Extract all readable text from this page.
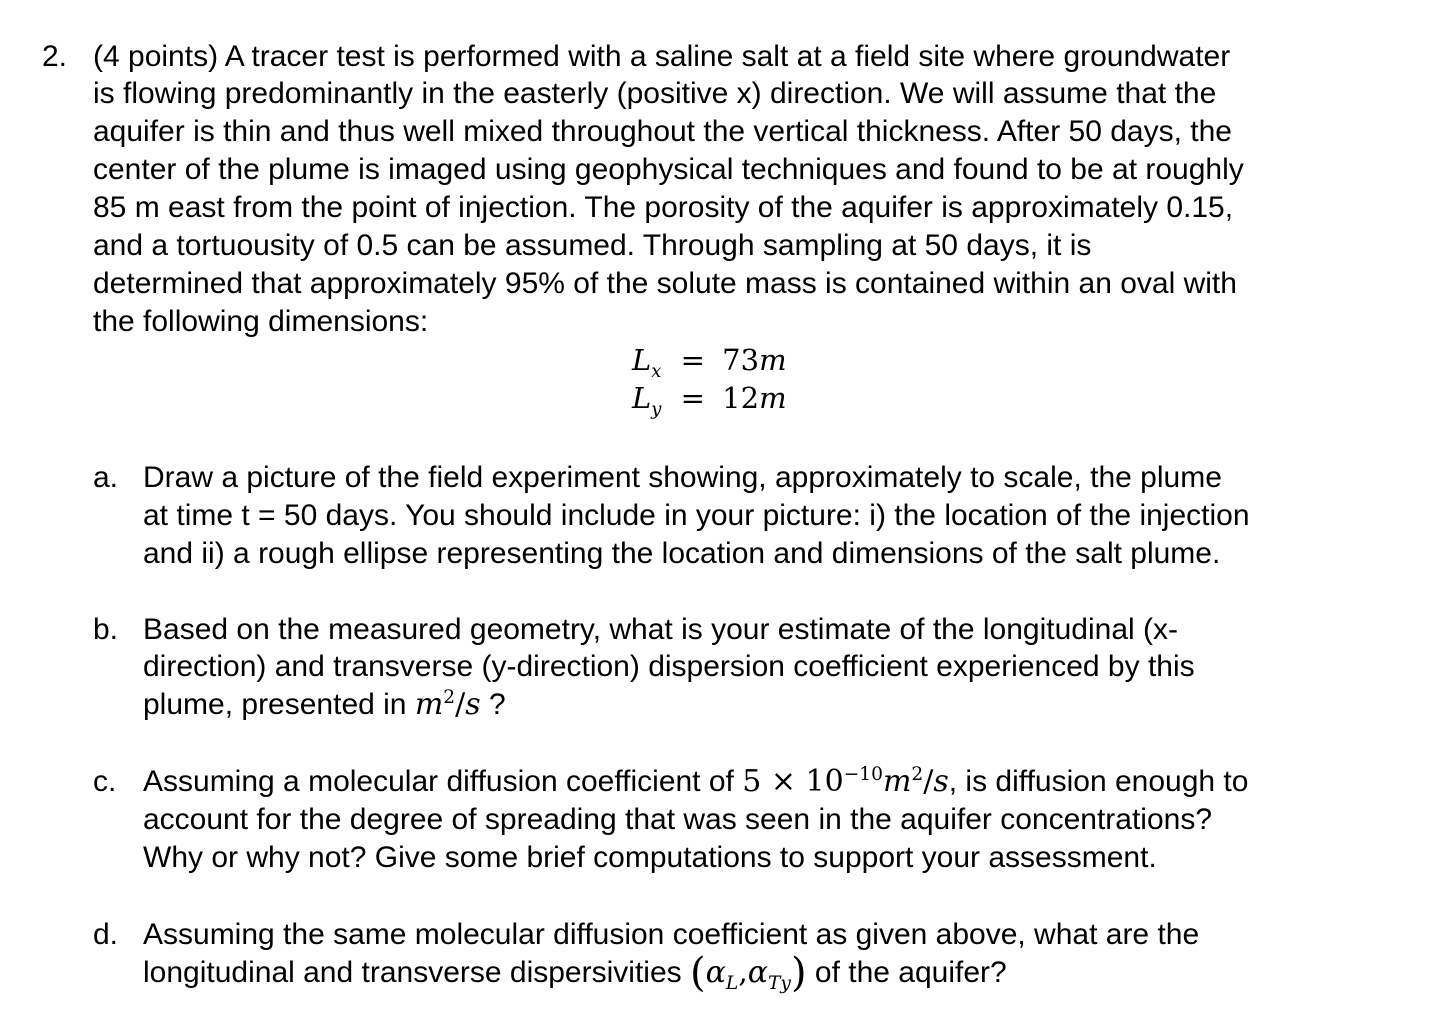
2. (4 points) A tracer test is performed with a saline salt at a field site where groundwater
is flowing predominantly in the easterly (positive x) direction. We will assume that the
aquifer is thin and thus well mixed throughout the vertical thickness. After 50 days, the
center of the plume is imaged using geophysical techniques and found to be at roughly
85 m east from the point of injection. The porosity of the aquifer is approximately 0.15,
and a tortuousity of 0.5 can be assumed. Through sampling at 50 days, it is
determined that approximately 95% of the solute mass is contained within an oval with
the following dimensions:
$L_x = 73m$
$L_y = 12m$
a. Draw a picture of the field experiment showing, approximately to scale, the plume
at time t = 50 days. You should include in your picture: i) the location of the injection
and ii) a rough ellipse representing the location and dimensions of the salt plume.
b. Based on the measured geometry, what is your estimate of the longitudinal (x-
direction) and transverse (y-direction) dispersion coefficient experienced by this
plume, presented in $m^2/s$ ?
c. Assuming a molecular diffusion coefficient of $5 \times 10^{-10}m^2/s$, is diffusion enough to
account for the degree of spreading that was seen in the aquifer concentrations?
Why or why not? Give some brief computations to support your assessment.
d. Assuming the same molecular diffusion coefficient as given above, what are the
longitudinal and transverse dispersivities $(\alpha_L,\alpha_{Ty})$ of the aquifer?
